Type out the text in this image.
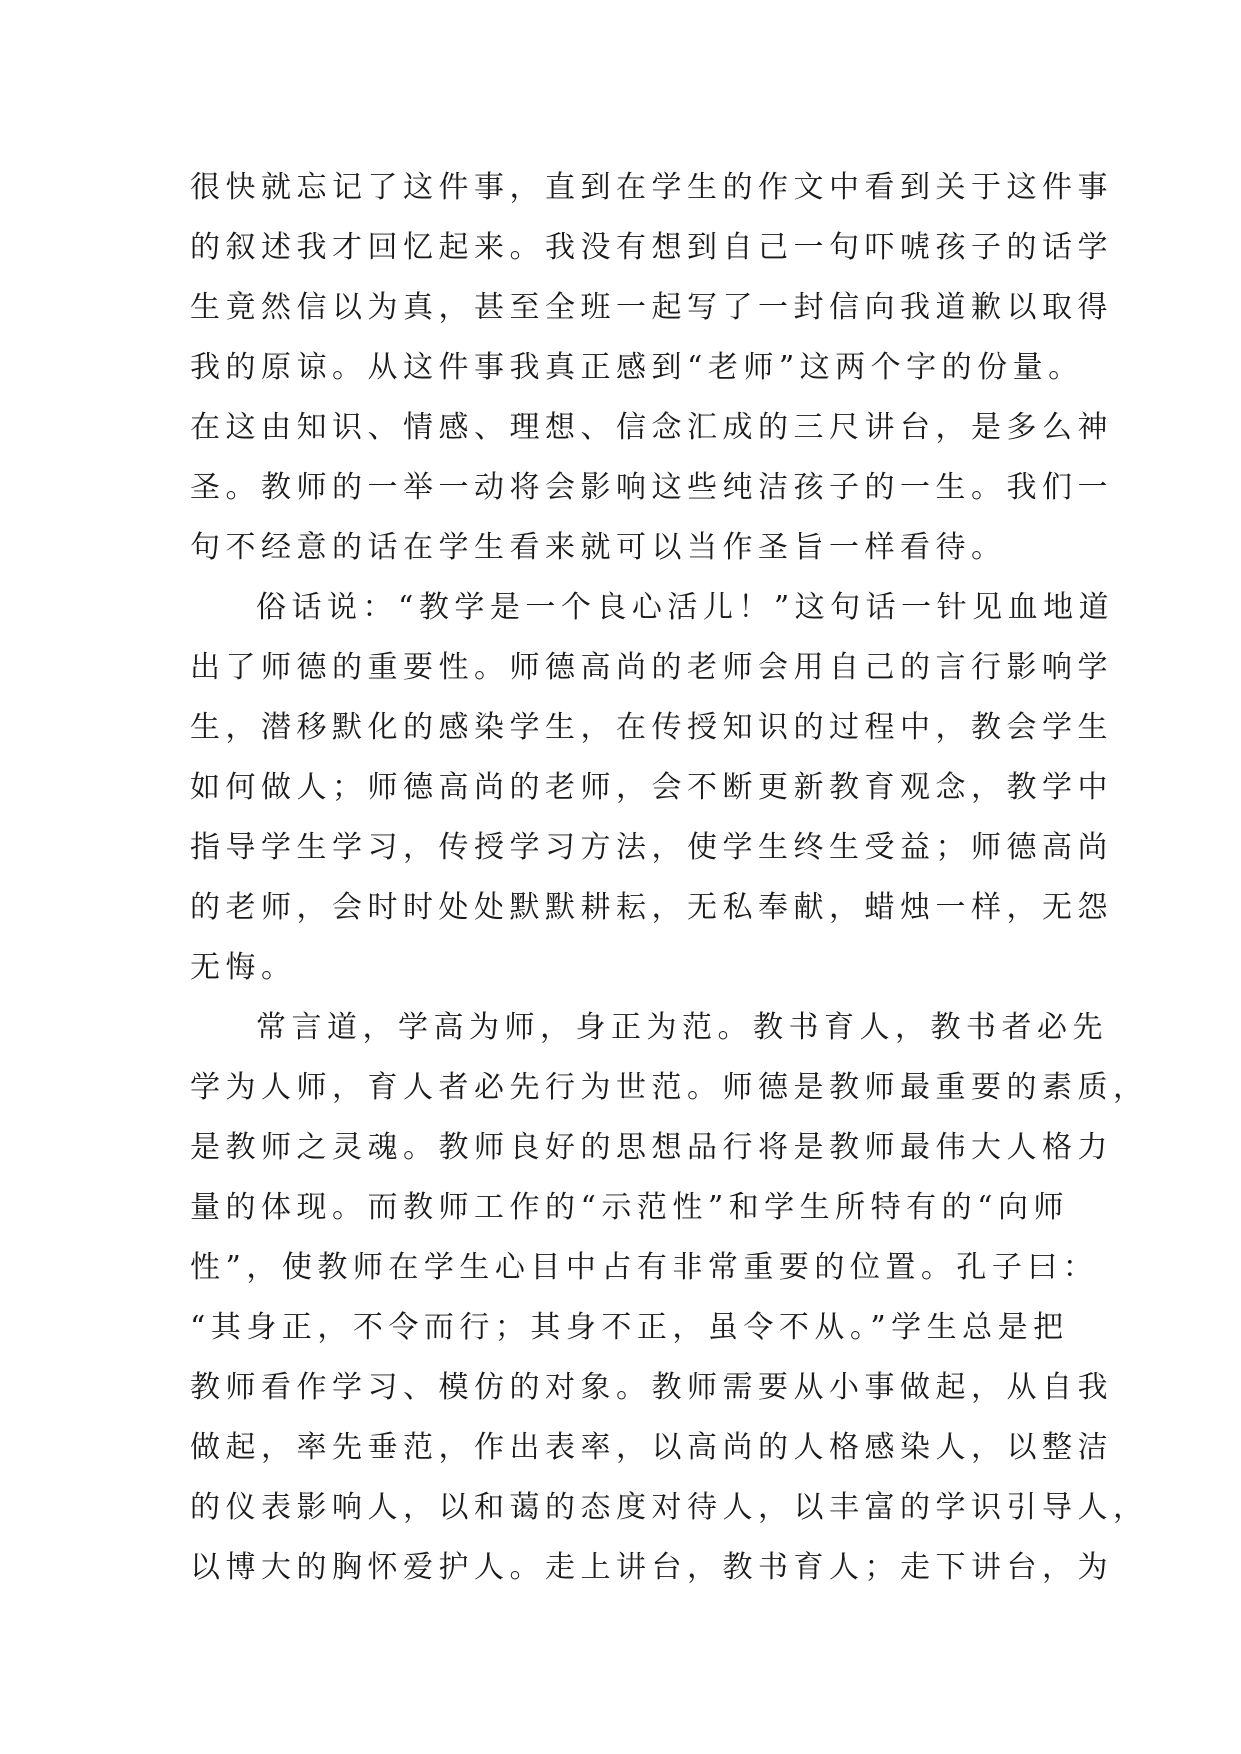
很快就忘记了这件事，直到在学生的作文中看到关于这件事
的叙述我才回忆起来。我没有想到自己一句吓唬孩子的话学
生竟然信以为真，甚至全班一起写了一封信向我道歉以取得
我的原谅。从这件事我真正感到“老师”这两个字的份量。
在这由知识、情感、理想、信念汇成的三尺讲台，是多么神
圣。教师的一举一动将会影响这些纯洁孩子的一生。我们一
句不经意的话在学生看来就可以当作圣旨一样看待。
俗话说：“教学是一个良心活儿！”这句话一针见血地道
出了师德的重要性。师德高尚的老师会用自己的言行影响学
生，潜移默化的感染学生，在传授知识的过程中，教会学生
如何做人；师德高尚的老师，会不断更新教育观念，教学中
指导学生学习，传授学习方法，使学生终生受益；师德高尚
的老师，会时时处处默默耕耘，无私奉献，蜡烛一样，无怨
无悔。
常言道，学高为师，身正为范。教书育人，教书者必先
学为人师，育人者必先行为世范。师德是教师最重要的素质，
是教师之灵魂。教师良好的思想品行将是教师最伟大人格力
量的体现。而教师工作的“示范性”和学生所特有的“向师
性”，使教师在学生心目中占有非常重要的位置。孔子曰：
“其身正，不令而行；其身不正，虽令不从。”学生总是把
教师看作学习、模仿的对象。教师需要从小事做起，从自我
做起，率先垂范，作出表率，以高尚的人格感染人，以整洁
的仪表影响人，以和蔼的态度对待人，以丰富的学识引导人，
以博大的胸怀爱护人。走上讲台，教书育人；走下讲台，为
